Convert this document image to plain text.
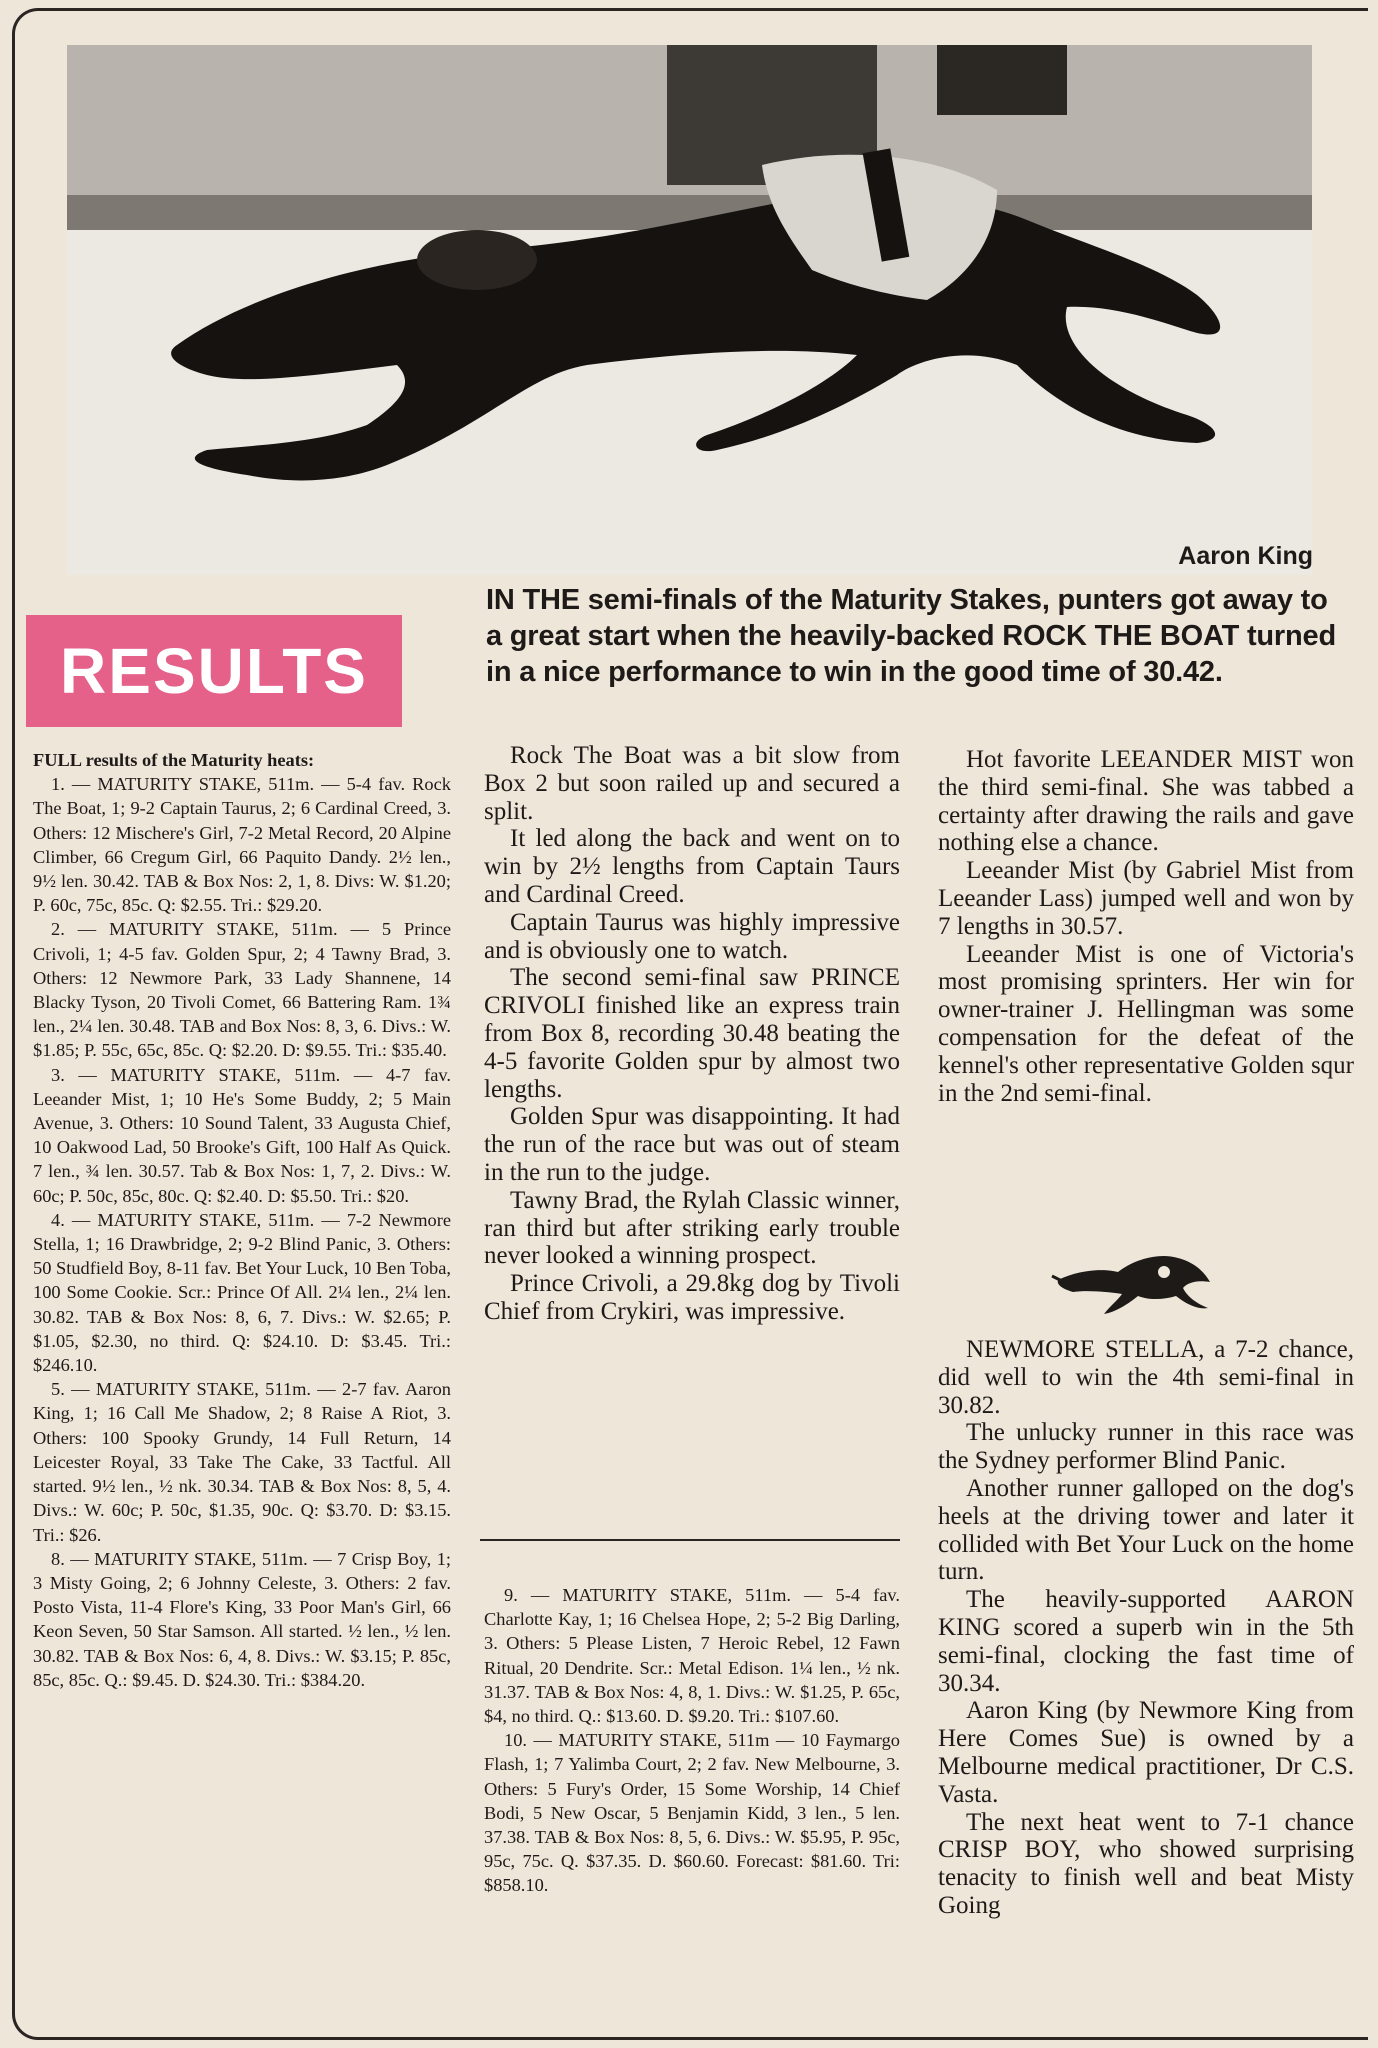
Aaron King
RESULTS
IN THE semi-finals of the Maturity Stakes, punters got away to a great start when the heavily-backed ROCK THE BOAT turned in a nice performance to win in the good time of 30.42.

FULL results of the Maturity heats:

1. — MATURITY STAKE, 511m. — 5-4 fav. Rock The Boat, 1; 9-2 Captain Taurus, 2; 6 Cardinal Creed, 3. Others: 12 Mischere's Girl, 7-2 Metal Record, 20 Alpine Climber, 66 Cregum Girl, 66 Paquito Dandy. 2½ len., 9½ len. 30.42. TAB & Box Nos: 2, 1, 8. Divs: W. $1.20; P. 60c, 75c, 85c. Q: $2.55. Tri.: $29.20.

2. — MATURITY STAKE, 511m. — 5 Prince Crivoli, 1; 4-5 fav. Golden Spur, 2; 4 Tawny Brad, 3. Others: 12 Newmore Park, 33 Lady Shannene, 14 Blacky Tyson, 20 Tivoli Comet, 66 Battering Ram. 1¾ len., 2¼ len. 30.48. TAB and Box Nos: 8, 3, 6. Divs.: W. $1.85; P. 55c, 65c, 85c. Q: $2.20. D: $9.55. Tri.: $35.40.

3. — MATURITY STAKE, 511m. — 4-7 fav. Leeander Mist, 1; 10 He's Some Buddy, 2; 5 Main Avenue, 3. Others: 10 Sound Talent, 33 Augusta Chief, 10 Oakwood Lad, 50 Brooke's Gift, 100 Half As Quick. 7 len., ¾ len. 30.57. Tab & Box Nos: 1, 7, 2. Divs.: W. 60c; P. 50c, 85c, 80c. Q: $2.40. D: $5.50. Tri.: $20.

4. — MATURITY STAKE, 511m. — 7-2 Newmore Stella, 1; 16 Drawbridge, 2; 9-2 Blind Panic, 3. Others: 50 Studfield Boy, 8-11 fav. Bet Your Luck, 10 Ben Toba, 100 Some Cookie. Scr.: Prince Of All. 2¼ len., 2¼ len. 30.82. TAB & Box Nos: 8, 6, 7. Divs.: W. $2.65; P. $1.05, $2.30, no third. Q: $24.10. D: $3.45. Tri.: $246.10.

5. — MATURITY STAKE, 511m. — 2-7 fav. Aaron King, 1; 16 Call Me Shadow, 2; 8 Raise A Riot, 3. Others: 100 Spooky Grundy, 14 Full Return, 14 Leicester Royal, 33 Take The Cake, 33 Tactful. All started. 9½ len., ½ nk. 30.34. TAB & Box Nos: 8, 5, 4. Divs.: W. 60c; P. 50c, $1.35, 90c. Q: $3.70. D: $3.15. Tri.: $26.

8. — MATURITY STAKE, 511m. — 7 Crisp Boy, 1; 3 Misty Going, 2; 6 Johnny Celeste, 3. Others: 2 fav. Posto Vista, 11-4 Flore's King, 33 Poor Man's Girl, 66 Keon Seven, 50 Star Samson. All started. ½ len., ½ len. 30.82. TAB & Box Nos: 6, 4, 8. Divs.: W. $3.15; P. 85c, 85c, 85c. Q.: $9.45. D. $24.30. Tri.: $384.20.

Rock The Boat was a bit slow from Box 2 but soon railed up and secured a split.

It led along the back and went on to win by 2½ lengths from Captain Taurs and Cardinal Creed.

Captain Taurus was highly impressive and is obviously one to watch.

The second semi-final saw PRINCE CRIVOLI finished like an express train from Box 8, recording 30.48 beating the 4-5 favorite Golden spur by almost two lengths.

Golden Spur was disappointing. It had the run of the race but was out of steam in the run to the judge.

Tawny Brad, the Rylah Classic winner, ran third but after striking early trouble never looked a winning prospect.

Prince Crivoli, a 29.8kg dog by Tivoli Chief from Crykiri, was impressive.

9. — MATURITY STAKE, 511m. — 5-4 fav. Charlotte Kay, 1; 16 Chelsea Hope, 2; 5-2 Big Darling, 3. Others: 5 Please Listen, 7 Heroic Rebel, 12 Fawn Ritual, 20 Dendrite. Scr.: Metal Edison. 1¼ len., ½ nk. 31.37. TAB & Box Nos: 4, 8, 1. Divs.: W. $1.25, P. 65c, $4, no third. Q.: $13.60. D. $9.20. Tri.: $107.60.

10. — MATURITY STAKE, 511m — 10 Faymargo Flash, 1; 7 Yalimba Court, 2; 2 fav. New Melbourne, 3. Others: 5 Fury's Order, 15 Some Worship, 14 Chief Bodi, 5 New Oscar, 5 Benjamin Kidd, 3 len., 5 len. 37.38. TAB & Box Nos: 8, 5, 6. Divs.: W. $5.95, P. 95c, 95c, 75c. Q. $37.35. D. $60.60. Forecast: $81.60. Tri: $858.10.

Hot favorite LEEANDER MIST won the third semi-final. She was tabbed a certainty after drawing the rails and gave nothing else a chance.

Leeander Mist (by Gabriel Mist from Leeander Lass) jumped well and won by 7 lengths in 30.57.

Leeander Mist is one of Victoria's most promising sprinters. Her win for owner-trainer J. Hellingman was some compensation for the defeat of the kennel's other representative Golden squr in the 2nd semi-final.

NEWMORE STELLA, a 7-2 chance, did well to win the 4th semi-final in 30.82.

The unlucky runner in this race was the Sydney performer Blind Panic.

Another runner galloped on the dog's heels at the driving tower and later it collided with Bet Your Luck on the home turn.

The heavily-supported AARON KING scored a superb win in the 5th semi-final, clocking the fast time of 30.34.

Aaron King (by Newmore King from Here Comes Sue) is owned by a Melbourne medical practitioner, Dr C.S. Vasta.

The next heat went to 7-1 chance CRISP BOY, who showed surprising tenacity to finish well and beat Misty Going
